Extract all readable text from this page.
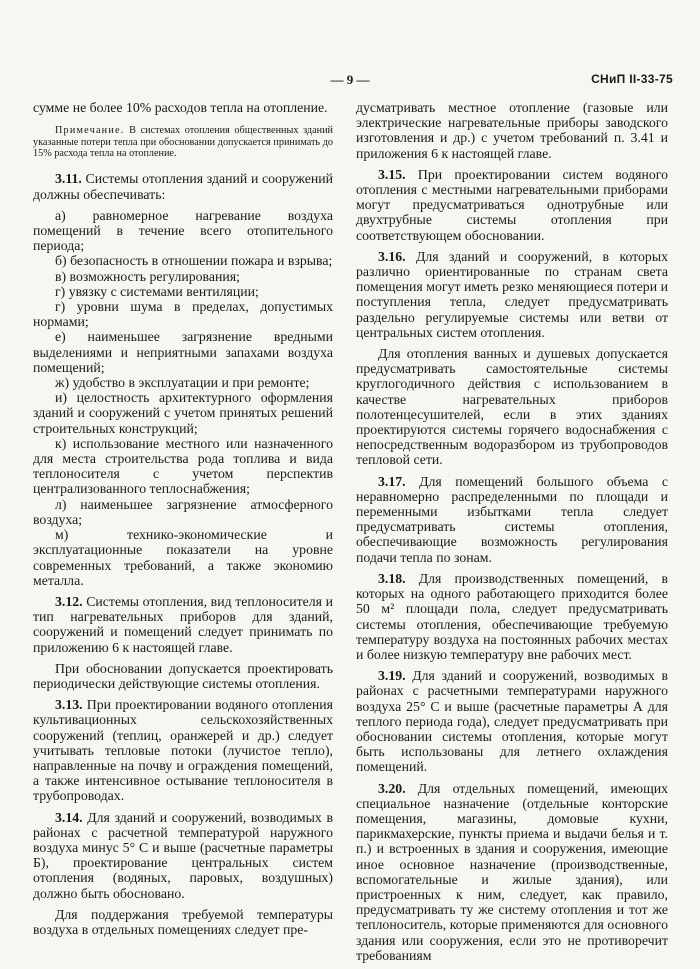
— 9 —	СНиП II-33-75

сумме не более 10% расходов тепла на отопление.

Примечание. В системах отопления общественных зданий указанные потери тепла при обосновании допускается принимать до 15% расхода тепла на отопление.

3.11. Системы отопления зданий и сооружений должны обеспечивать:

а) равномерное нагревание воздуха помещений в течение всего отопительного периода;

б) безопасность в отношении пожара и взрыва;

в) возможность регулирования;

г) увязку с системами вентиляции;

г) уровни шума в пределах, допустимых нормами;

е) наименьшее загрязнение вредными выделениями и неприятными запахами воздуха помещений;

ж) удобство в эксплуатации и при ремонте;

и) целостность архитектурного оформления зданий и сооружений с учетом принятых решений строительных конструкций;

к) использование местного или назначенного для места строительства рода топлива и вида теплоносителя с учетом перспектив централизованного теплоснабжения;

л) наименьшее загрязнение атмосферного воздуха;

м) технико-экономические и эксплуатационные показатели на уровне современных требований, а также экономию металла.

3.12. Системы отопления, вид теплоносителя и тип нагревательных приборов для зданий, сооружений и помещений следует принимать по приложению 6 к настоящей главе.

При обосновании допускается проектировать периодически действующие системы отопления.

3.13. При проектировании водяного отопления культивационных сельскохозяйственных сооружений (теплиц, оранжерей и др.) следует учитывать тепловые потоки (лучистое тепло), направленные на почву и ограждения помещений, а также интенсивное остывание теплоносителя в трубопроводах.

3.14. Для зданий и сооружений, возводимых в районах с расчетной температурой наружного воздуха минус 5° С и выше (расчетные параметры Б), проектирование центральных систем отопления (водяных, паровых, воздушных) должно быть обосновано.

Для поддержания требуемой температуры воздуха в отдельных помещениях следует пре-

дусматривать местное отопление (газовые или электрические нагревательные приборы заводского изготовления и др.) с учетом требований п. 3.41 и приложения 6 к настоящей главе.

3.15. При проектировании систем водяного отопления с местными нагревательными приборами могут предусматриваться однотрубные или двухтрубные системы отопления при соответствующем обосновании.

3.16. Для зданий и сооружений, в которых различно ориентированные по странам света помещения могут иметь резко меняющиеся потери и поступления тепла, следует предусматривать раздельно регулируемые системы или ветви от центральных систем отопления.

Для отопления ванных и душевых допускается предусматривать самостоятельные системы круглогодичного действия с использованием в качестве нагревательных приборов полотенцесушителей, если в этих зданиях проектируются системы горячего водоснабжения с непосредственным водоразбором из трубопроводов тепловой сети.

3.17. Для помещений большого объема с неравномерно распределенными по площади и переменными избытками тепла следует предусматривать системы отопления, обеспечивающие возможность регулирования подачи тепла по зонам.

3.18. Для производственных помещений, в которых на одного работающего приходится более 50 м² площади пола, следует предусматривать системы отопления, обеспечивающие требуемую температуру воздуха на постоянных рабочих местах и более низкую температуру вне рабочих мест.

3.19. Для зданий и сооружений, возводимых в районах с расчетными температурами наружного воздуха 25° С и выше (расчетные параметры А для теплого периода года), следует предусматривать при обосновании системы отопления, которые могут быть использованы для летнего охлаждения помещений.

3.20. Для отдельных помещений, имеющих специальное назначение (отдельные конторские помещения, магазины, домовые кухни, парикмахерские, пункты приема и выдачи белья и т. п.) и встроенных в здания и сооружения, имеющие иное основное назначение (производственные, вспомогательные и жилые здания), или пристроенных к ним, следует, как правило, предусматривать ту же систему отопления и тот же теплоноситель, которые применяются для основного здания или сооружения, если это не противоречит требованиям
